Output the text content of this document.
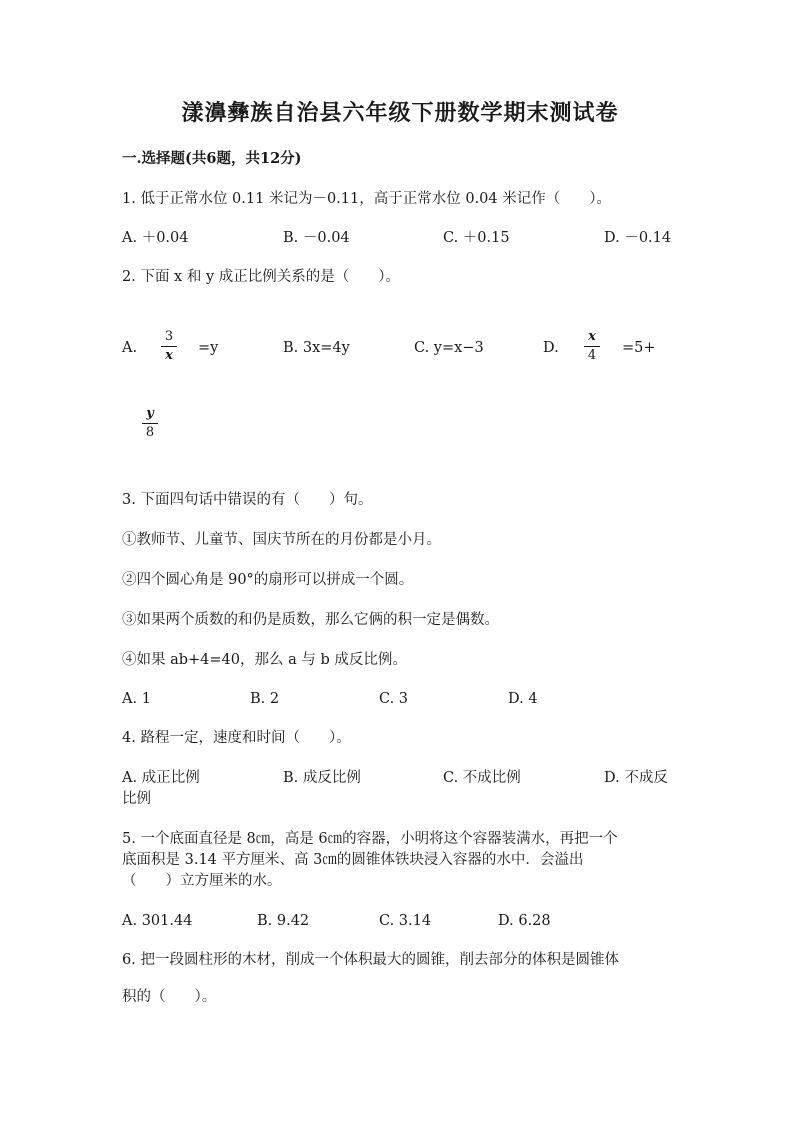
漾濞彝族自治县六年级下册数学期末测试卷
一.选择题(共6题，共12分)
1. 低于正常水位 0.11 米记为－0.11，高于正常水位 0.04 米记作（　　）。
A. ＋0.04	B. －0.04	C. ＋0.15	D. －0.14
2. 下面 x 和 y 成正比例关系的是（　　）。
A.
3
x	=y	B. 3x=4y	C. y=x−3	D.
x
4	=5+
y
8
3. 下面四句话中错误的有（　　）句。
①教师节、儿童节、国庆节所在的月份都是小月。
②四个圆心角是 90°的扇形可以拼成一个圆。
③如果两个质数的和仍是质数，那么它俩的积一定是偶数。
④如果 ab+4=40，那么 a 与 b 成反比例。
A. 1	B. 2	C. 3	D. 4
4. 路程一定，速度和时间（　　）。
A. 成正比例	B. 成反比例	C. 不成比例	D. 不成反
比例
5. 一个底面直径是 8㎝，高是 6㎝的容器，小明将这个容器装满水，再把一个
底面积是 3.14 平方厘米、高 3㎝的圆锥体铁块浸入容器的水中．会溢出
（　　）立方厘米的水。
A. 301.44	B. 9.42	C. 3.14	D. 6.28
6. 把一段圆柱形的木材，削成一个体积最大的圆锥，削去部分的体积是圆锥体
积的（　　）。
